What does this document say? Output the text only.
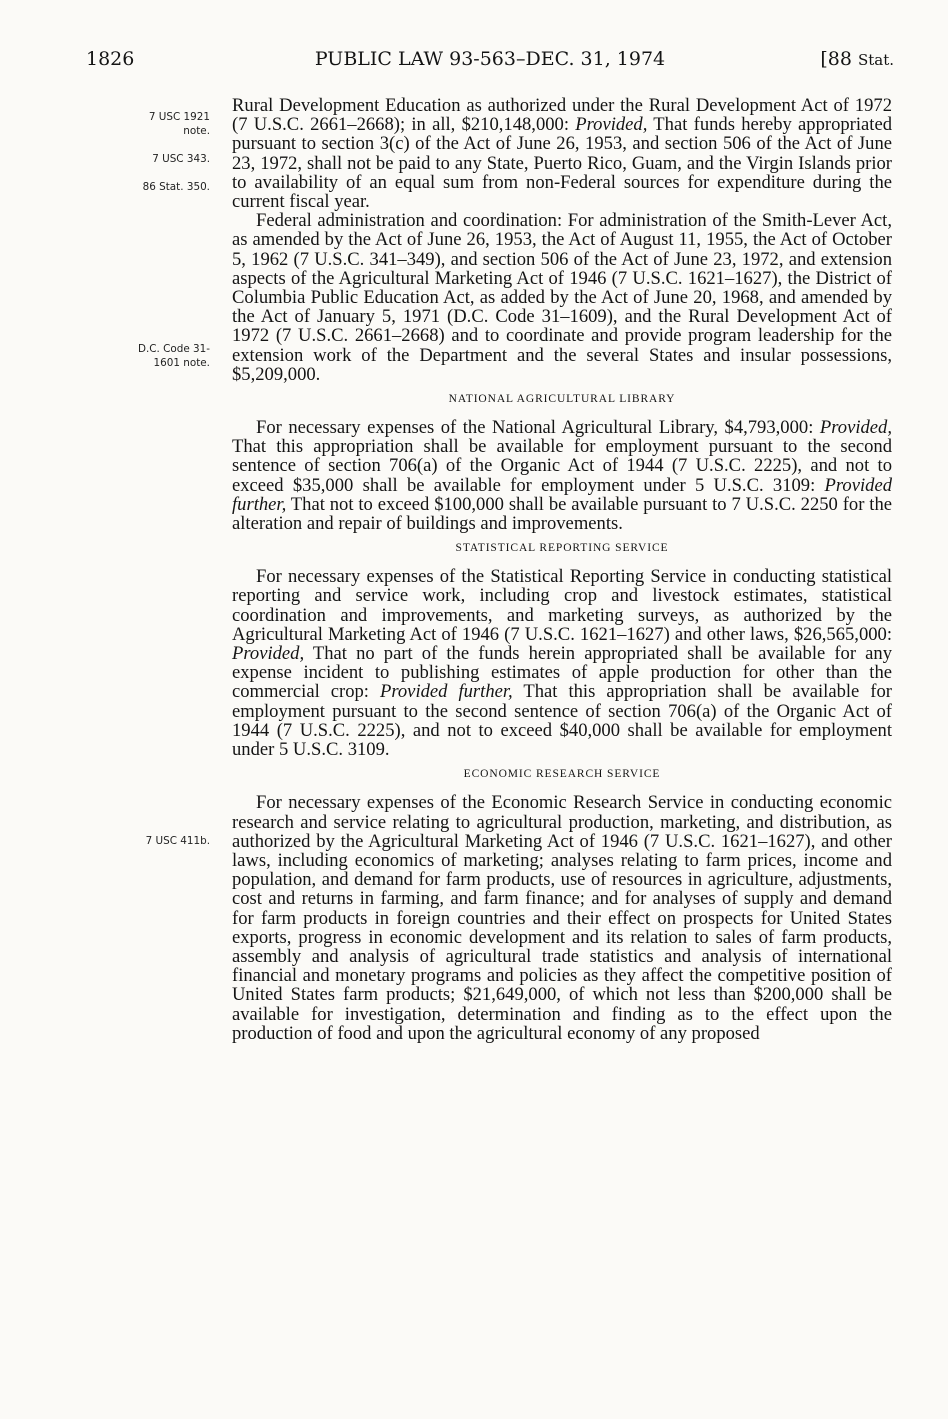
1826	PUBLIC LAW 93-563–DEC. 31, 1974	[88 Stat.
7 USC 1921
note.
7 USC 343.
86 Stat. 350.
D.C. Code 31-
1601 note.
7 USC 411b.

Rural Development Education as authorized under the Rural Development Act of 1972 (7 U.S.C. 2661–2668); in all, $210,148,000: Provided, That funds hereby appropriated pursuant to section 3(c) of the Act of June 26, 1953, and section 506 of the Act of June 23, 1972, shall not be paid to any State, Puerto Rico, Guam, and the Virgin Islands prior to availability of an equal sum from non-Federal sources for expenditure during the current fiscal year.

Federal administration and coordination: For administration of the Smith-Lever Act, as amended by the Act of June 26, 1953, the Act of August 11, 1955, the Act of October 5, 1962 (7 U.S.C. 341–349), and section 506 of the Act of June 23, 1972, and extension aspects of the Agricultural Marketing Act of 1946 (7 U.S.C. 1621–1627), the District of Columbia Public Education Act, as added by the Act of June 20, 1968, and amended by the Act of January 5, 1971 (D.C. Code 31–1609), and the Rural Development Act of 1972 (7 U.S.C. 2661–2668) and to coordinate and provide program leadership for the extension work of the Department and the several States and insular possessions, $5,209,000.

NATIONAL AGRICULTURAL LIBRARY

For necessary expenses of the National Agricultural Library, $4,793,000: Provided, That this appropriation shall be available for employment pursuant to the second sentence of section 706(a) of the Organic Act of 1944 (7 U.S.C. 2225), and not to exceed $35,000 shall be available for employment under 5 U.S.C. 3109: Provided further, That not to exceed $100,000 shall be available pursuant to 7 U.S.C. 2250 for the alteration and repair of buildings and improvements.

STATISTICAL REPORTING SERVICE

For necessary expenses of the Statistical Reporting Service in conducting statistical reporting and service work, including crop and livestock estimates, statistical coordination and improvements, and marketing surveys, as authorized by the Agricultural Marketing Act of 1946 (7 U.S.C. 1621–1627) and other laws, $26,565,000: Provided, That no part of the funds herein appropriated shall be available for any expense incident to publishing estimates of apple production for other than the commercial crop: Provided further, That this appropriation shall be available for employment pursuant to the second sentence of section 706(a) of the Organic Act of 1944 (7 U.S.C. 2225), and not to exceed $40,000 shall be available for employment under 5 U.S.C. 3109.

ECONOMIC RESEARCH SERVICE

For necessary expenses of the Economic Research Service in conducting economic research and service relating to agricultural production, marketing, and distribution, as authorized by the Agricultural Marketing Act of 1946 (7 U.S.C. 1621–1627), and other laws, including economics of marketing; analyses relating to farm prices, income and population, and demand for farm products, use of resources in agriculture, adjustments, cost and returns in farming, and farm finance; and for analyses of supply and demand for farm products in foreign countries and their effect on prospects for United States exports, progress in economic development and its relation to sales of farm products, assembly and analysis of agricultural trade statistics and analysis of international financial and monetary programs and policies as they affect the competitive position of United States farm products; $21,649,000, of which not less than $200,000 shall be available for investigation, determination and finding as to the effect upon the production of food and upon the agricultural economy of any proposed
